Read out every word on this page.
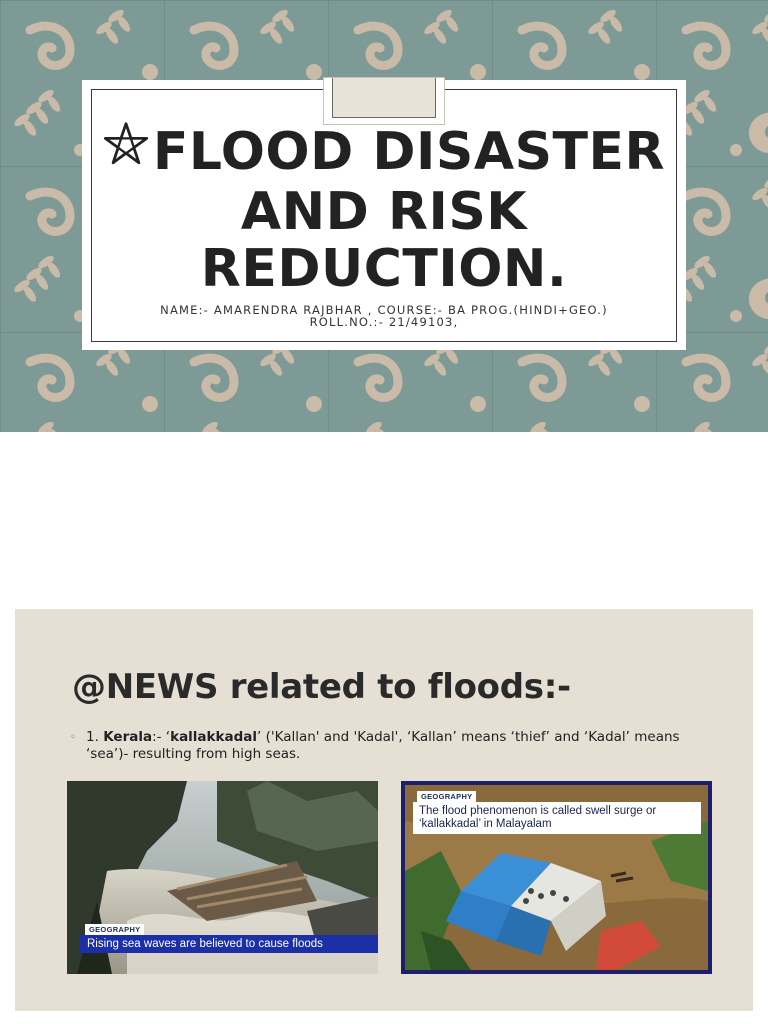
FLOOD DISASTER
AND RISK
REDUCTION.
NAME:- AMARENDRA RAJBHAR , COURSE:- BA PROG.(HINDI+GEO.)
ROLL.NO.:- 21/49103,
@NEWS related to floods:-
◦ 1. Kerala:- ‘kallakkadal’ ('Kallan' and 'Kadal', ‘Kallan’ means ‘thief’ and ‘Kadal’ means ‘sea’)- resulting from high seas.
GEOGRAPHY
Rising sea waves are believed to cause floods
GEOGRAPHY
The flood phenomenon is called swell surge or
‘kallakkadal’ in Malayalam
